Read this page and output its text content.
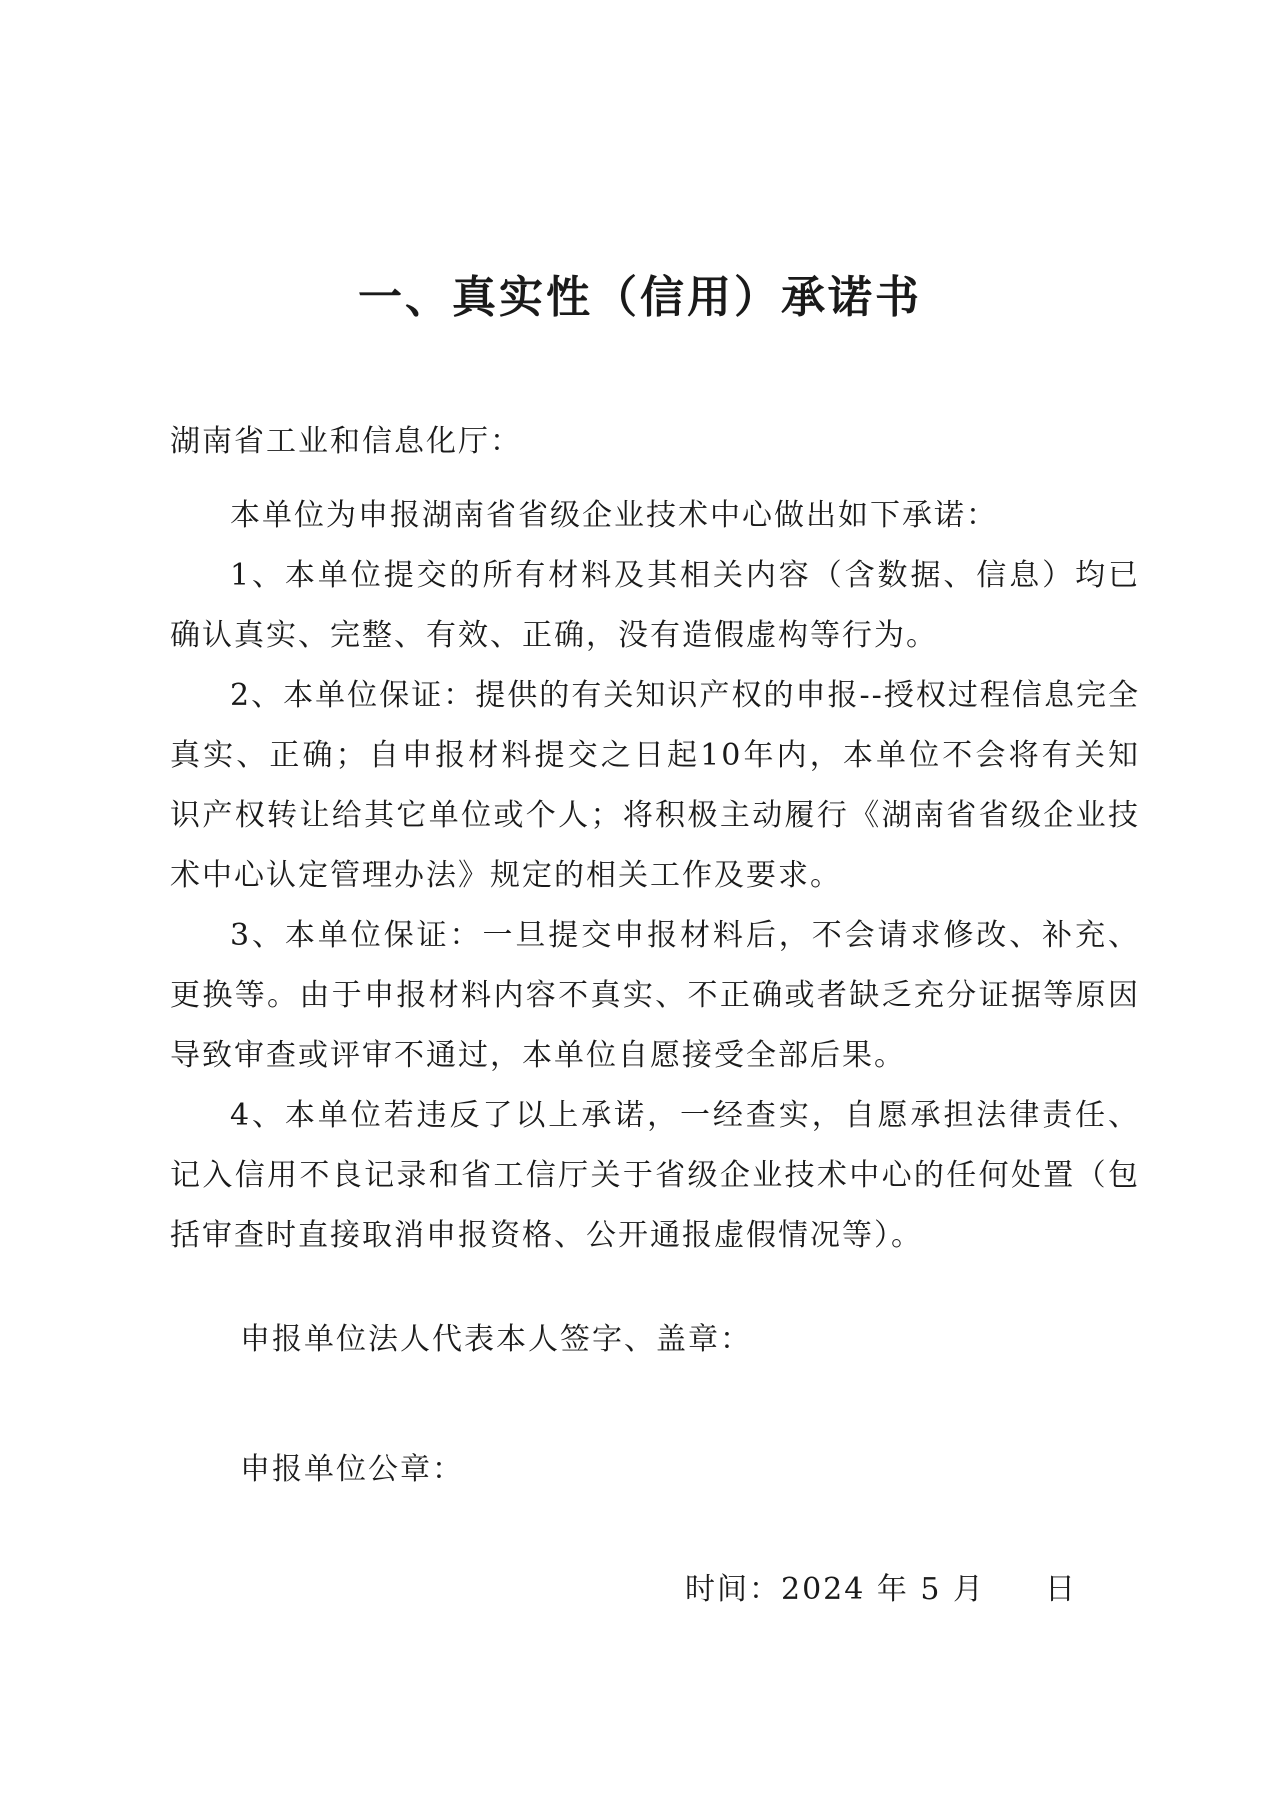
一、真实性（信用）承诺书
湖南省工业和信息化厅：

本单位为申报湖南省省级企业技术中心做出如下承诺：

1、本单位提交的所有材料及其相关内容（含数据、信息）均已确认真实、完整、有效、正确，没有造假虚构等行为。

2、本单位保证：提供的有关知识产权的申报--授权过程信息完全真实、正确；自申报材料提交之日起10年内，本单位不会将有关知识产权转让给其它单位或个人；将积极主动履行《湖南省省级企业技术中心认定管理办法》规定的相关工作及要求。

3、本单位保证：一旦提交申报材料后，不会请求修改、补充、更换等。由于申报材料内容不真实、不正确或者缺乏充分证据等原因导致审查或评审不通过，本单位自愿接受全部后果。

4、本单位若违反了以上承诺，一经查实，自愿承担法律责任、记入信用不良记录和省工信厅关于省级企业技术中心的任何处置（包括审查时直接取消申报资格、公开通报虚假情况等）。

申报单位法人代表本人签字、盖章：
申报单位公章：
时间：2024 年 5 月 日
